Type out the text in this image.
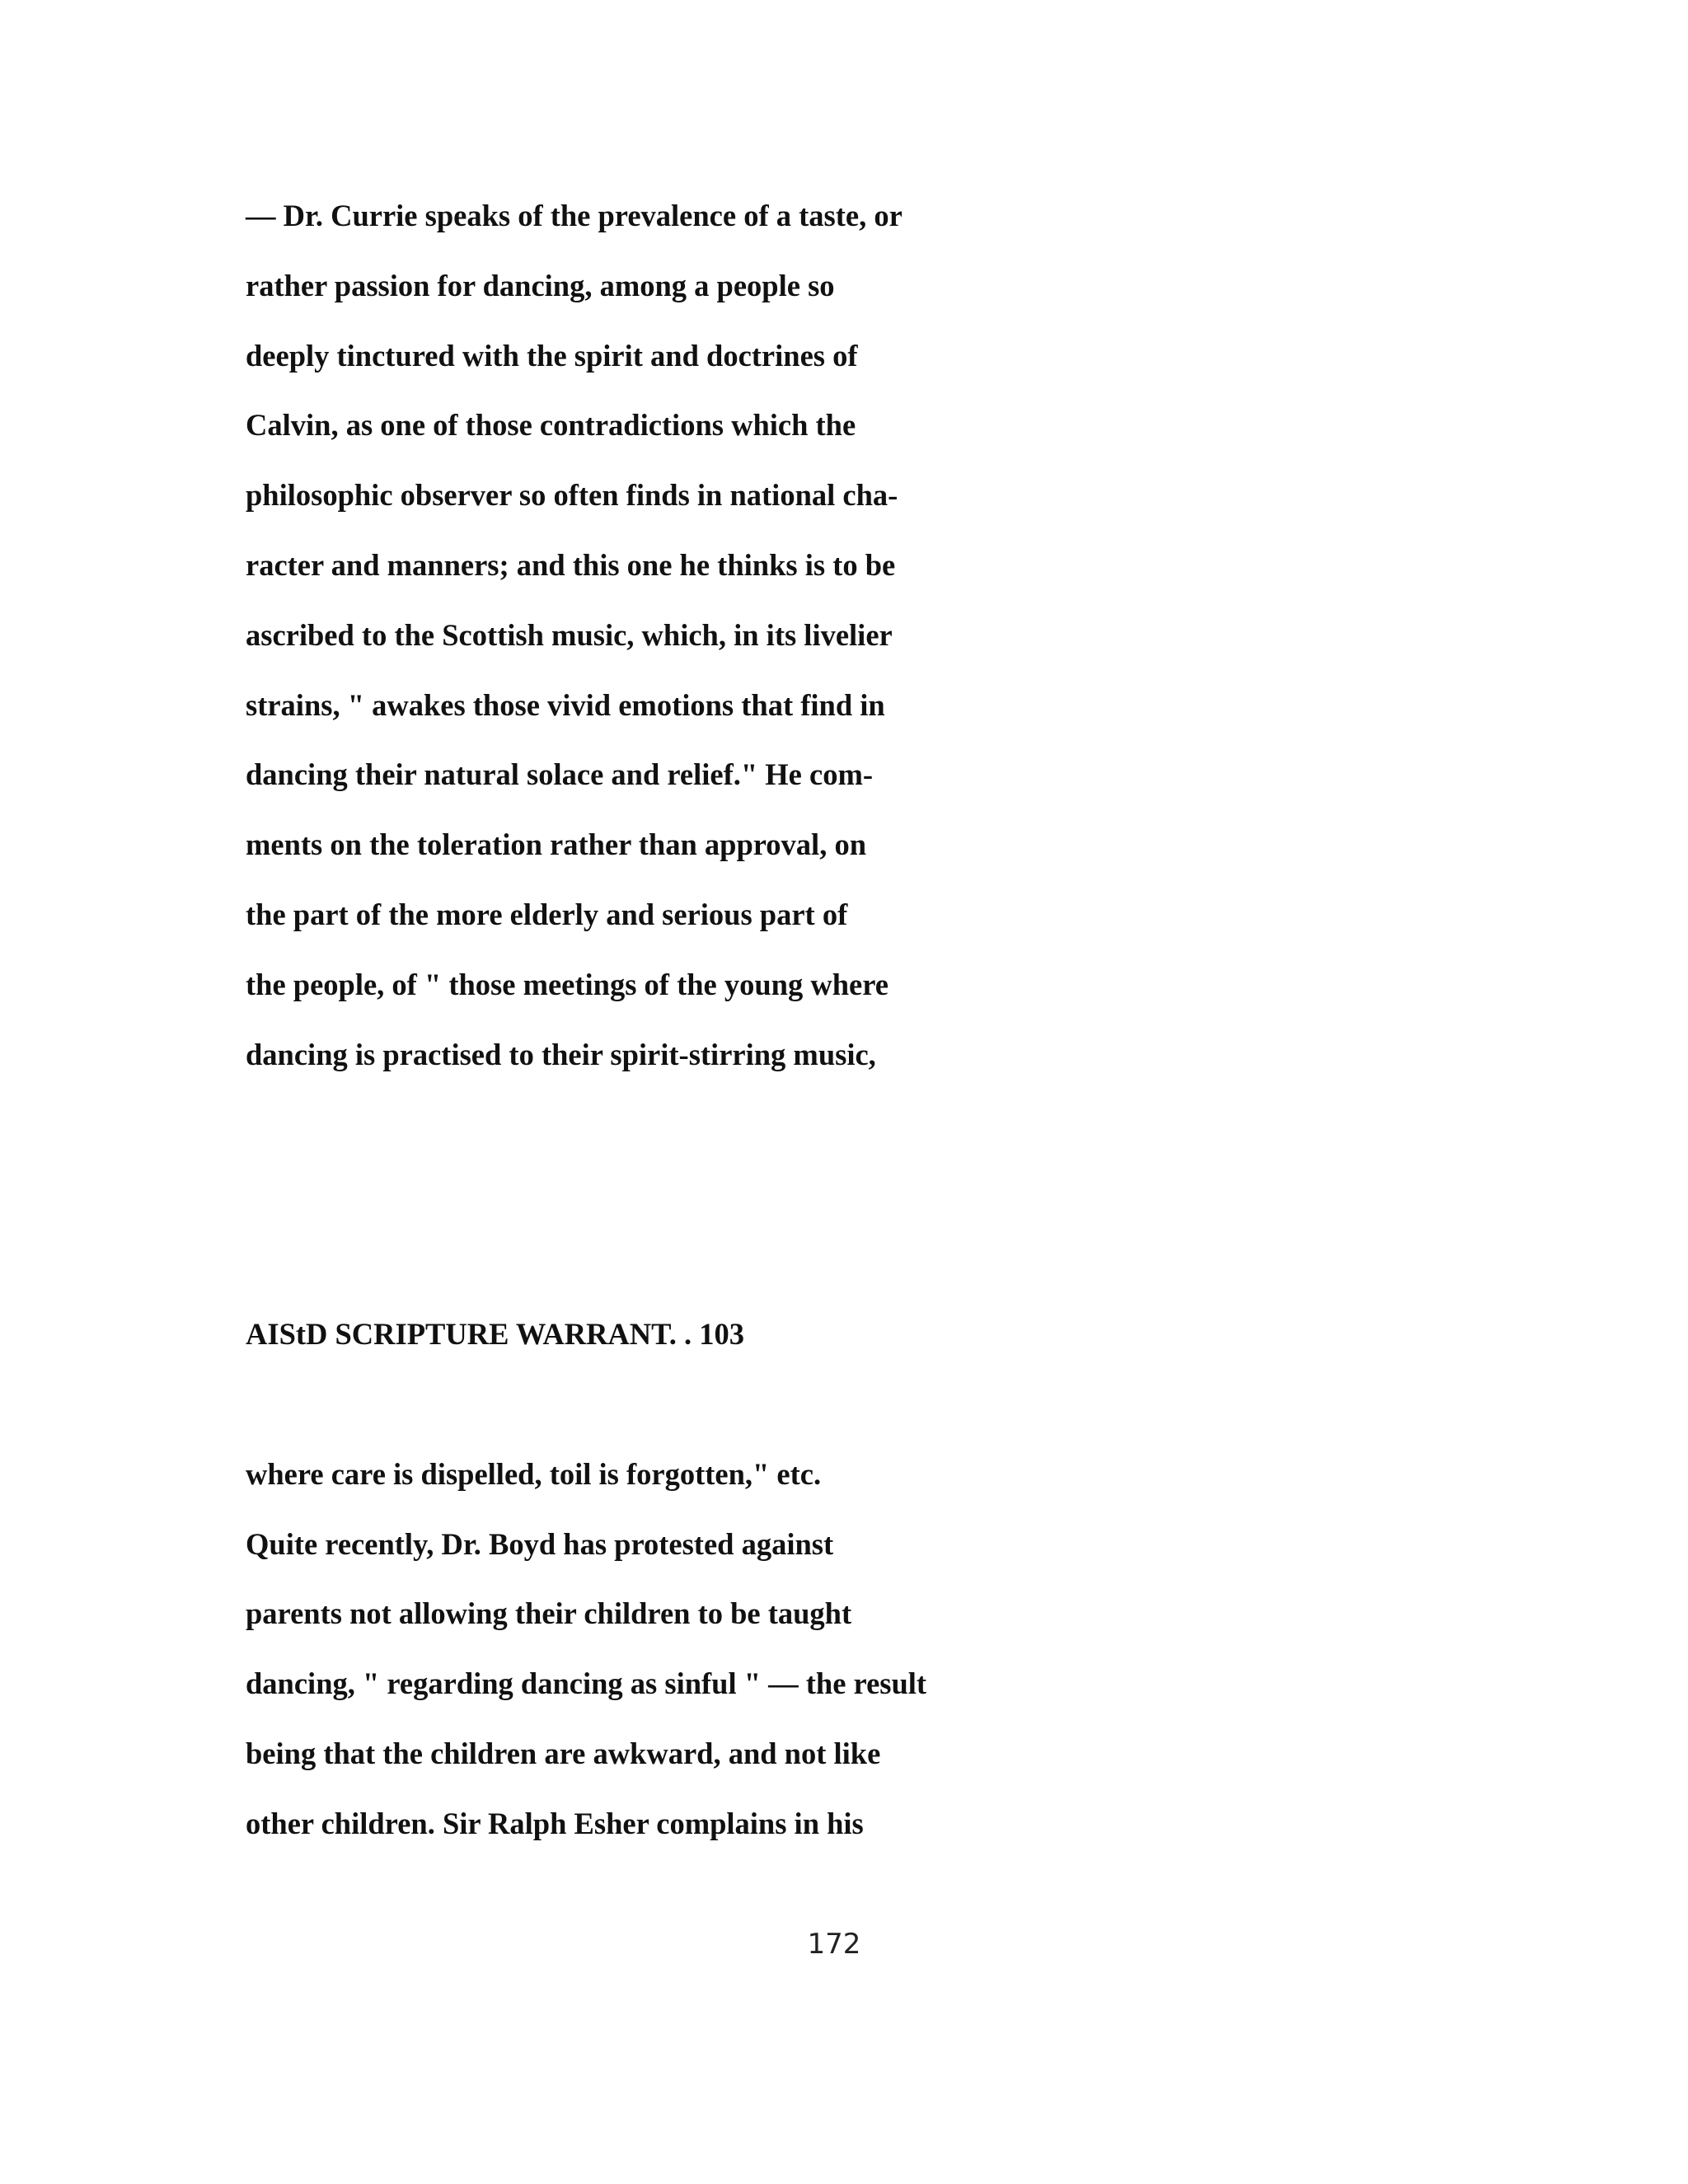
— Dr. Currie speaks of the prevalence of a taste, or
rather passion for dancing, among a people so
deeply tinctured with the spirit and doctrines of
Calvin, as one of those contradictions which the
philosophic observer so often finds in national cha-
racter and manners; and this one he thinks is to be
ascribed to the Scottish music, which, in its livelier
strains, " awakes those vivid emotions that find in
dancing their natural solace and relief." He com-
ments on the toleration rather than approval, on
the part of the more elderly and serious part of
the people, of " those meetings of the young where
dancing is practised to their spirit-stirring music,
AIStD SCRIPTURE WARRANT. . 103
where care is dispelled, toil is forgotten," etc.
Quite recently, Dr. Boyd has protested against
parents not allowing their children to be taught
dancing, " regarding dancing as sinful " — the result
being that the children are awkward, and not like
other children. Sir Ralph Esher complains in his
172
